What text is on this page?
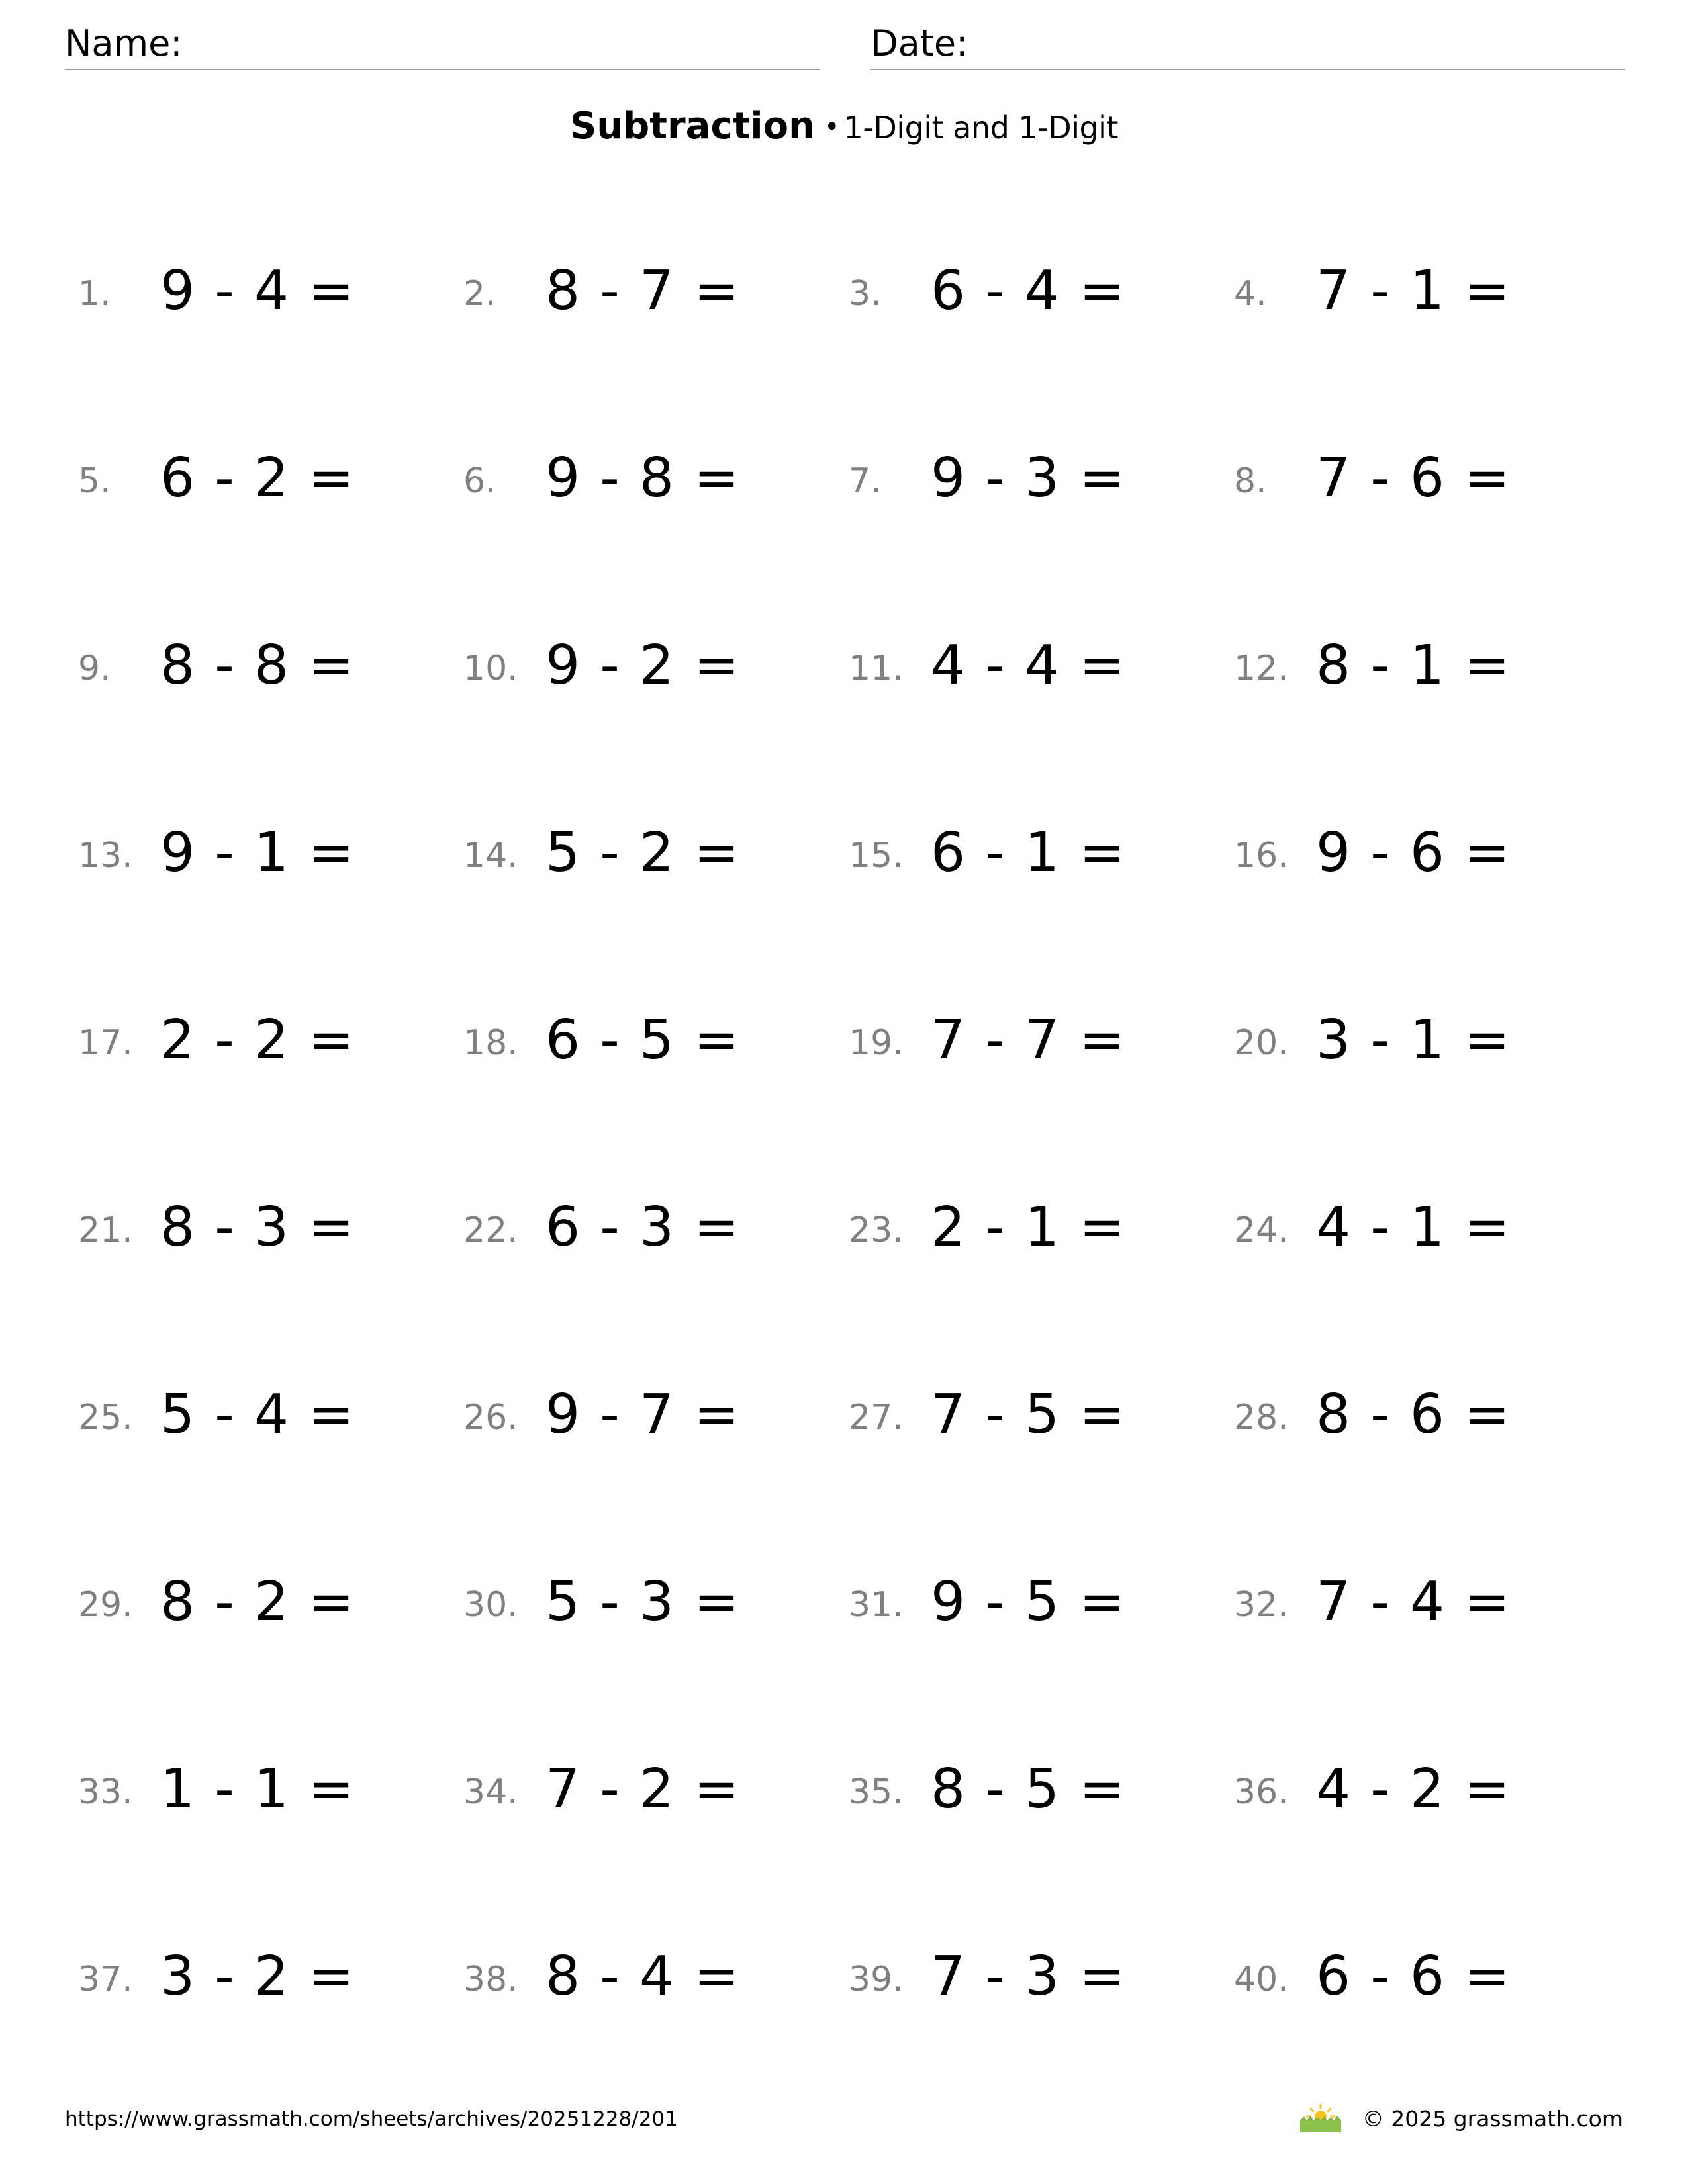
Name:	Date:
Subtraction • 1-Digit and 1-Digit
1. 9 - 4 =	2. 8 - 7 =	3. 6 - 4 =	4. 7 - 1 =
5. 6 - 2 =	6. 9 - 8 =	7. 9 - 3 =	8. 7 - 6 =
9. 8 - 8 =	10. 9 - 2 =	11. 4 - 4 =	12. 8 - 1 =
13. 9 - 1 =	14. 5 - 2 =	15. 6 - 1 =	16. 9 - 6 =
17. 2 - 2 =	18. 6 - 5 =	19. 7 - 7 =	20. 3 - 1 =
21. 8 - 3 =	22. 6 - 3 =	23. 2 - 1 =	24. 4 - 1 =
25. 5 - 4 =	26. 9 - 7 =	27. 7 - 5 =	28. 8 - 6 =
29. 8 - 2 =	30. 5 - 3 =	31. 9 - 5 =	32. 7 - 4 =
33. 1 - 1 =	34. 7 - 2 =	35. 8 - 5 =	36. 4 - 2 =
37. 3 - 2 =	38. 8 - 4 =	39. 7 - 3 =	40. 6 - 6 =
https://www.grassmath.com/sheets/archives/20251228/201	© 2025 grassmath.com
